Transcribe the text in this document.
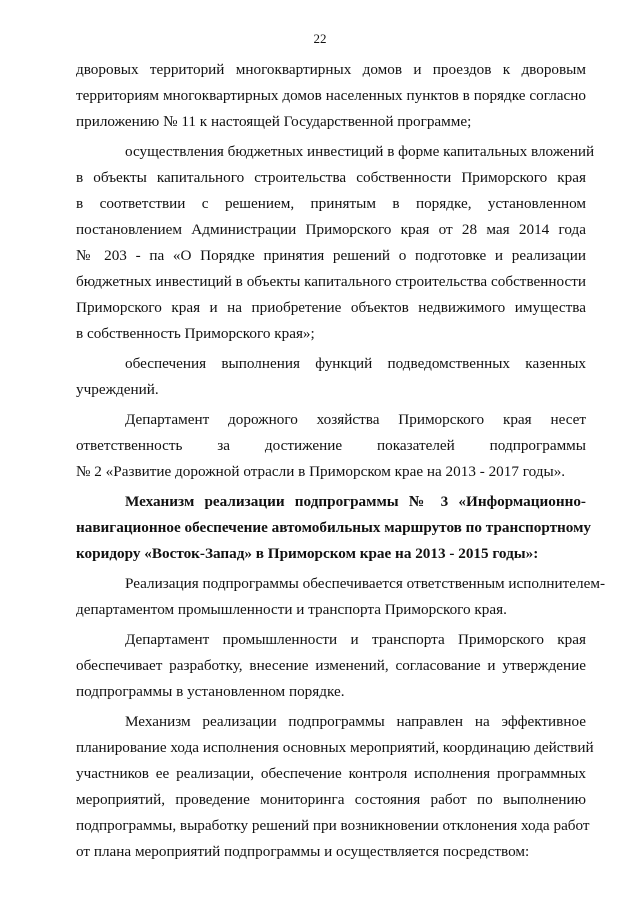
22
дворовых территорий многоквартирных домов и проездов к дворовым
территориям многоквартирных домов населенных пунктов в порядке согласно
приложению № 11 к настоящей Государственной программе;
осуществления бюджетных инвестиций в форме капитальных вложений
в объекты капитального строительства собственности Приморского края
в соответствии с решением, принятым в порядке, установленном
постановлением Администрации Приморского края от 28 мая 2014 года
№ 203 - па «О Порядке принятия решений о подготовке и реализации
бюджетных инвестиций в объекты капитального строительства собственности
Приморского края и на приобретение объектов недвижимого имущества
в собственность Приморского края»;
обеспечения выполнения функций подведомственных казенных
учреждений.
Департамент дорожного хозяйства Приморского края несет
ответственность за достижение показателей подпрограммы
№ 2 «Развитие дорожной отрасли в Приморском крае на 2013 - 2017 годы».
Механизм реализации подпрограммы № 3 «Информационно-
навигационное обеспечение автомобильных маршрутов по транспортному
коридору «Восток-Запад» в Приморском крае на 2013 - 2015 годы»:
Реализация подпрограммы обеспечивается ответственным исполнителем-
департаментом промышленности и транспорта Приморского края.
Департамент промышленности и транспорта Приморского края
обеспечивает разработку, внесение изменений, согласование и утверждение
подпрограммы в установленном порядке.
Механизм реализации подпрограммы направлен на эффективное
планирование хода исполнения основных мероприятий, координацию действий
участников ее реализации, обеспечение контроля исполнения программных
мероприятий, проведение мониторинга состояния работ по выполнению
подпрограммы, выработку решений при возникновении отклонения хода работ
от плана мероприятий подпрограммы и осуществляется посредством:
